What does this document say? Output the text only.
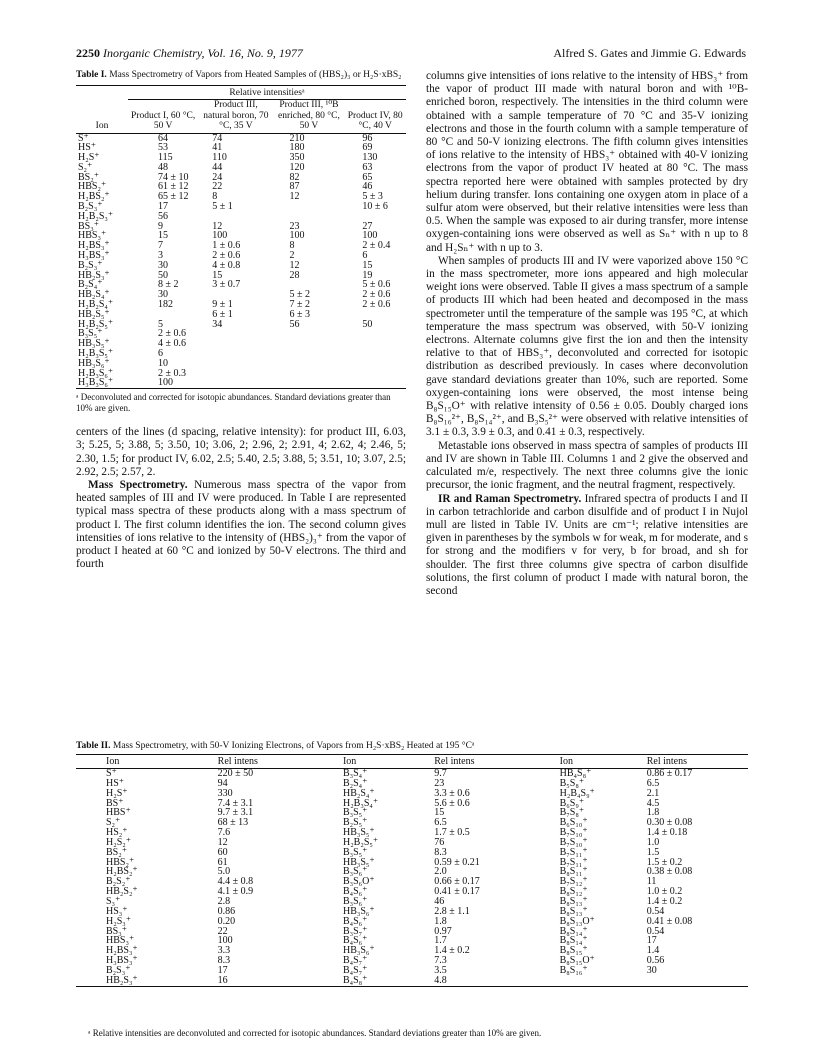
2250 Inorganic Chemistry, Vol. 16, No. 9, 1977	Alfred S. Gates and Jimmie G. Edwards

Table I. Mass Spectrometry of Vapors from Heated Samples of (HBS₂)₃ or H₂S·xBS₂

	Relative intensitiesᵃ			
Ion	Product I, 60 °C, 50 V	Product III, natural boron, 70 °C, 35 V	Product III, ¹⁰B enriched, 80 °C, 50 V	Product IV, 80 °C, 40 V
S⁺	64	74	210	96
HS⁺	53	41	180	69
H₂S⁺	115	110	350	130
S₂⁺	48	44	120	63
BS₂⁺	74 ± 10	24	82	65
HBS₂⁺	61 ± 12	22	87	46
H₂BS₂⁺	65 ± 12	8	12	5 ± 3
B₂S₃⁺	17	5 ± 1		10 ± 6
H₂B₂S₃⁺	56			
BS₃⁺	9	12	23	27
HBS₃⁺	15	100	100	100
H₂BS₃⁺	7	1 ± 0.6	8	2 ± 0.4
H₃BS₃⁺	3	2 ± 0.6	2	6
B₂S₃⁺	30	4 ± 0.8	12	15
HB₂S₃⁺	50	15	28	19
B₂S₄⁺	8 ± 2	3 ± 0.7		5 ± 0.6
HB₂S₄⁺	30		5 ± 2	2 ± 0.6
H₂B₂S₄⁺	182	9 ± 1	7 ± 2	2 ± 0.6
HB₂S₅⁺		6 ± 1	6 ± 3	
H₂B₂S₅⁺	5	34	56	50
B₃S₅⁺	2 ± 0.6			
HB₃S₅⁺	4 ± 0.6			
H₂B₃S₅⁺	6			
HB₃S₆⁺	10			
H₂B₃S₆⁺	2 ± 0.3			
H₃B₃S₆⁺	100			

ᵃ Deconvoluted and corrected for isotopic abundances. Standard deviations greater than 10% are given.

centers of the lines (d spacing, relative intensity): for product III, 6.03, 3; 5.25, 5; 3.88, 5; 3.50, 10; 3.06, 2; 2.96, 2; 2.91, 4; 2.62, 4; 2.46, 5; 2.30, 1.5; for product IV, 6.02, 2.5; 5.40, 2.5; 3.88, 5; 3.51, 10; 3.07, 2.5; 2.92, 2.5; 2.57, 2.

Mass Spectrometry. Numerous mass spectra of the vapor from heated samples of III and IV were produced. In Table I are represented typical mass spectra of these products along with a mass spectrum of product I. The first column identifies the ion. The second column gives intensities of ions relative to the intensity of (HBS₂)₃⁺ from the vapor of product I heated at 60 °C and ionized by 50-V electrons. The third and fourth

columns give intensities of ions relative to the intensity of HBS₃⁺ from the vapor of product III made with natural boron and with ¹⁰B-enriched boron, respectively. The intensities in the third column were obtained with a sample temperature of 70 °C and 35-V ionizing electrons and those in the fourth column with a sample temperature of 80 °C and 50-V ionizing electrons. The fifth column gives intensities of ions relative to the intensity of HBS₃⁺ obtained with 40-V ionizing electrons from the vapor of product IV heated at 80 °C. The mass spectra reported here were obtained with samples protected by dry helium during transfer. Ions containing one oxygen atom in place of a sulfur atom were observed, but their relative intensities were less than 0.5. When the sample was exposed to air during transfer, more intense oxygen-containing ions were observed as well as Sₙ⁺ with n up to 8 and H₂Sₙ⁺ with n up to 3.

When samples of products III and IV were vaporized above 150 °C in the mass spectrometer, more ions appeared and high molecular weight ions were observed. Table II gives a mass spectrum of a sample of products III which had been heated and decomposed in the mass spectrometer until the temperature of the sample was 195 °C, at which temperature the mass spectrum was observed, with 50-V ionizing electrons. Alternate columns give first the ion and then the intensity relative to that of HBS₃⁺, deconvoluted and corrected for isotopic distribution as described previously. In cases where deconvolution gave standard deviations greater than 10%, such are reported. Some oxygen-containing ions were observed, the most intense being B₈S₁₅O⁺ with relative intensity of 0.56 ± 0.05. Doubly charged ions B₈S₁₆²⁺, B₈S₁₄²⁺, and B₃S₅²⁺ were observed with relative intensities of 3.1 ± 0.3, 3.9 ± 0.3, and 0.41 ± 0.3, respectively.

Metastable ions observed in mass spectra of samples of products III and IV are shown in Table III. Columns 1 and 2 give the observed and calculated m/e, respectively. The next three columns give the ionic precursor, the ionic fragment, and the neutral fragment, respectively.

IR and Raman Spectrometry. Infrared spectra of products I and II in carbon tetrachloride and carbon disulfide and of product I in Nujol mull are listed in Table IV. Units are cm⁻¹; relative intensities are given in parentheses by the symbols w for weak, m for moderate, and s for strong and the modifiers v for very, b for broad, and sh for shoulder. The first three columns give spectra of carbon disulfide solutions, the first column of product I made with natural boron, the second

Table II. Mass Spectrometry, with 50-V Ionizing Electrons, of Vapors from H₂S·xBS₂ Heated at 195 °Cᵃ
Ion	Rel intens	Ion	Rel intens	Ion	Rel intens
S⁺	220 ± 50	B₃S₄⁺	9.7	HB₄S₈⁺	0.86 ± 0.17
HS⁺	94	B₂S₄⁺	23	B₅S₈⁺	6.5
H₂S⁺	330	HB₂S₄⁺	3.3 ± 0.6	H₂B₄S₉⁺	2.1
BS⁺	7.4 ± 3.1	H₂B₃S₄⁺	5.6 ± 0.6	B₆S₉⁺	4.5
HBS⁺	9.7 ± 3.1	B₃S₅⁺	15	B₇S₈⁺	1.8
S₂⁺	68 ± 13	B₂S₅⁺	6.5	B₆S₁₀⁺	0.30 ± 0.08
HS₂⁺	7.6	HB₃S₅⁺	1.7 ± 0.5	B₇S₁₀⁺	1.4 ± 0.18
H₂S₂⁺	12	H₂B₂S₅⁺	76	B₇S₁₀⁺	1.0
BS₂⁺	60	B₃S₅⁺	8.3	B₇S₁₁⁺	1.5
HBS₂⁺	61	HB₃S₅⁺	0.59 ± 0.21	B₇S₁₁⁺	1.5 ± 0.2
H₂BS₂⁺	5.0	B₃S₆⁺	2.0	B₈S₁₁⁺	0.38 ± 0.08
B₂S₂⁺	4.4 ± 0.8	B₃S₆O⁺	0.66 ± 0.17	B₇S₁₂⁺	11
HB₂S₂⁺	4.1 ± 0.9	B₄S₆⁺	0.41 ± 0.17	B₈S₁₂⁺	1.0 ± 0.2
S₃⁺	2.8	B₃S₆⁺	46	B₈S₁₃⁺	1.4 ± 0.2
HS₃⁺	0.86	HB₃S₆⁺	2.8 ± 1.1	B₈S₁₃⁺	0.54
H₂S₃⁺	0.20	B₄S₆⁺	1.8	B₈S₁₃O⁺	0.41 ± 0.08
BS₃⁺	22	B₃S₇⁺	0.97	B₈S₁₄⁺	0.54
HBS₃⁺	100	B₄S₆⁺	1.7	B₈S₁₄⁺	17
H₂BS₃⁺	3.3	HB₃S₆⁺	1.4 ± 0.2	B₈S₁₅⁺	1.4
H₃BS₃⁺	8.3	B₄S₇⁺	7.3	B₈S₁₅O⁺	0.56
B₂S₃⁺	17	B₄S₇⁺	3.5	B₈S₁₆⁺	30
HB₂S₃⁺	16	B₄S₈⁺	4.8		
ᵃ Relative intensities are deconvoluted and corrected for isotopic abundances. Standard deviations greater than 10% are given.
